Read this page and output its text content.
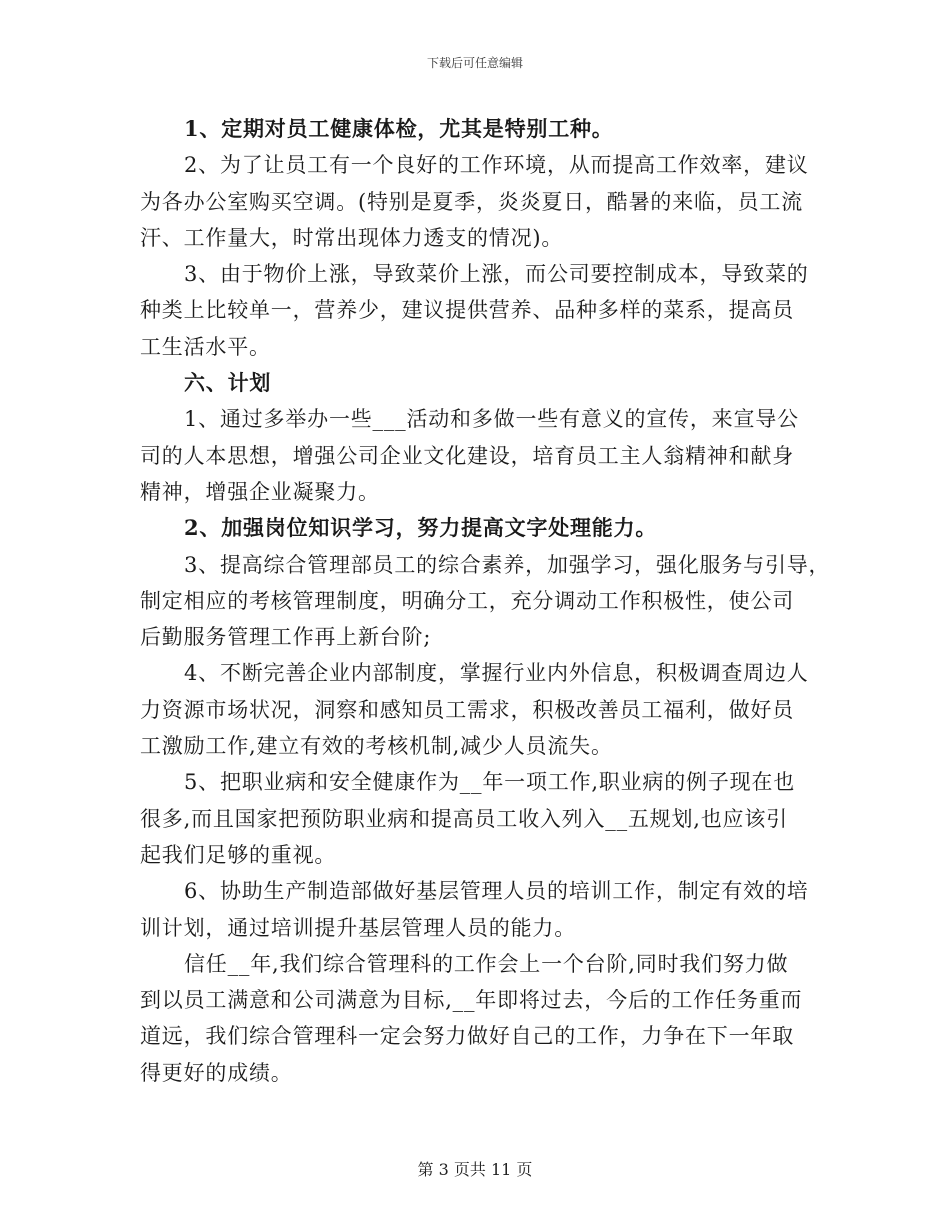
下载后可任意编辑

1、定期对员工健康体检，尤其是特别工种。

2、为了让员工有一个良好的工作环境，从而提高工作效率，建议
为各办公室购买空调。(特别是夏季，炎炎夏日，酷暑的来临，员工流
汗、工作量大，时常出现体力透支的情况)。

3、由于物价上涨，导致菜价上涨，而公司要控制成本，导致菜的
种类上比较单一，营养少，建议提供营养、品种多样的菜系，提高员
工生活水平。

六、计划

1、通过多举办一些___活动和多做一些有意义的宣传，来宣导公
司的人本思想，增强公司企业文化建设，培育员工主人翁精神和献身
精神，增强企业凝聚力。

2、加强岗位知识学习，努力提高文字处理能力。

3、提高综合管理部员工的综合素养，加强学习，强化服务与引导，
制定相应的考核管理制度，明确分工，充分调动工作积极性，使公司
后勤服务管理工作再上新台阶;

4、不断完善企业内部制度，掌握行业内外信息，积极调查周边人
力资源市场状况，洞察和感知员工需求，积极改善员工福利，做好员
工激励工作,建立有效的考核机制,减少人员流失。

5、把职业病和安全健康作为__年一项工作,职业病的例子现在也
很多,而且国家把预防职业病和提高员工收入列入__五规划,也应该引
起我们足够的重视。

6、协助生产制造部做好基层管理人员的培训工作，制定有效的培
训计划，通过培训提升基层管理人员的能力。

信任__年,我们综合管理科的工作会上一个台阶,同时我们努力做
到以员工满意和公司满意为目标,__年即将过去，今后的工作任务重而
道远，我们综合管理科一定会努力做好自己的工作，力争在下一年取
得更好的成绩。

第 3 页共 11 页
